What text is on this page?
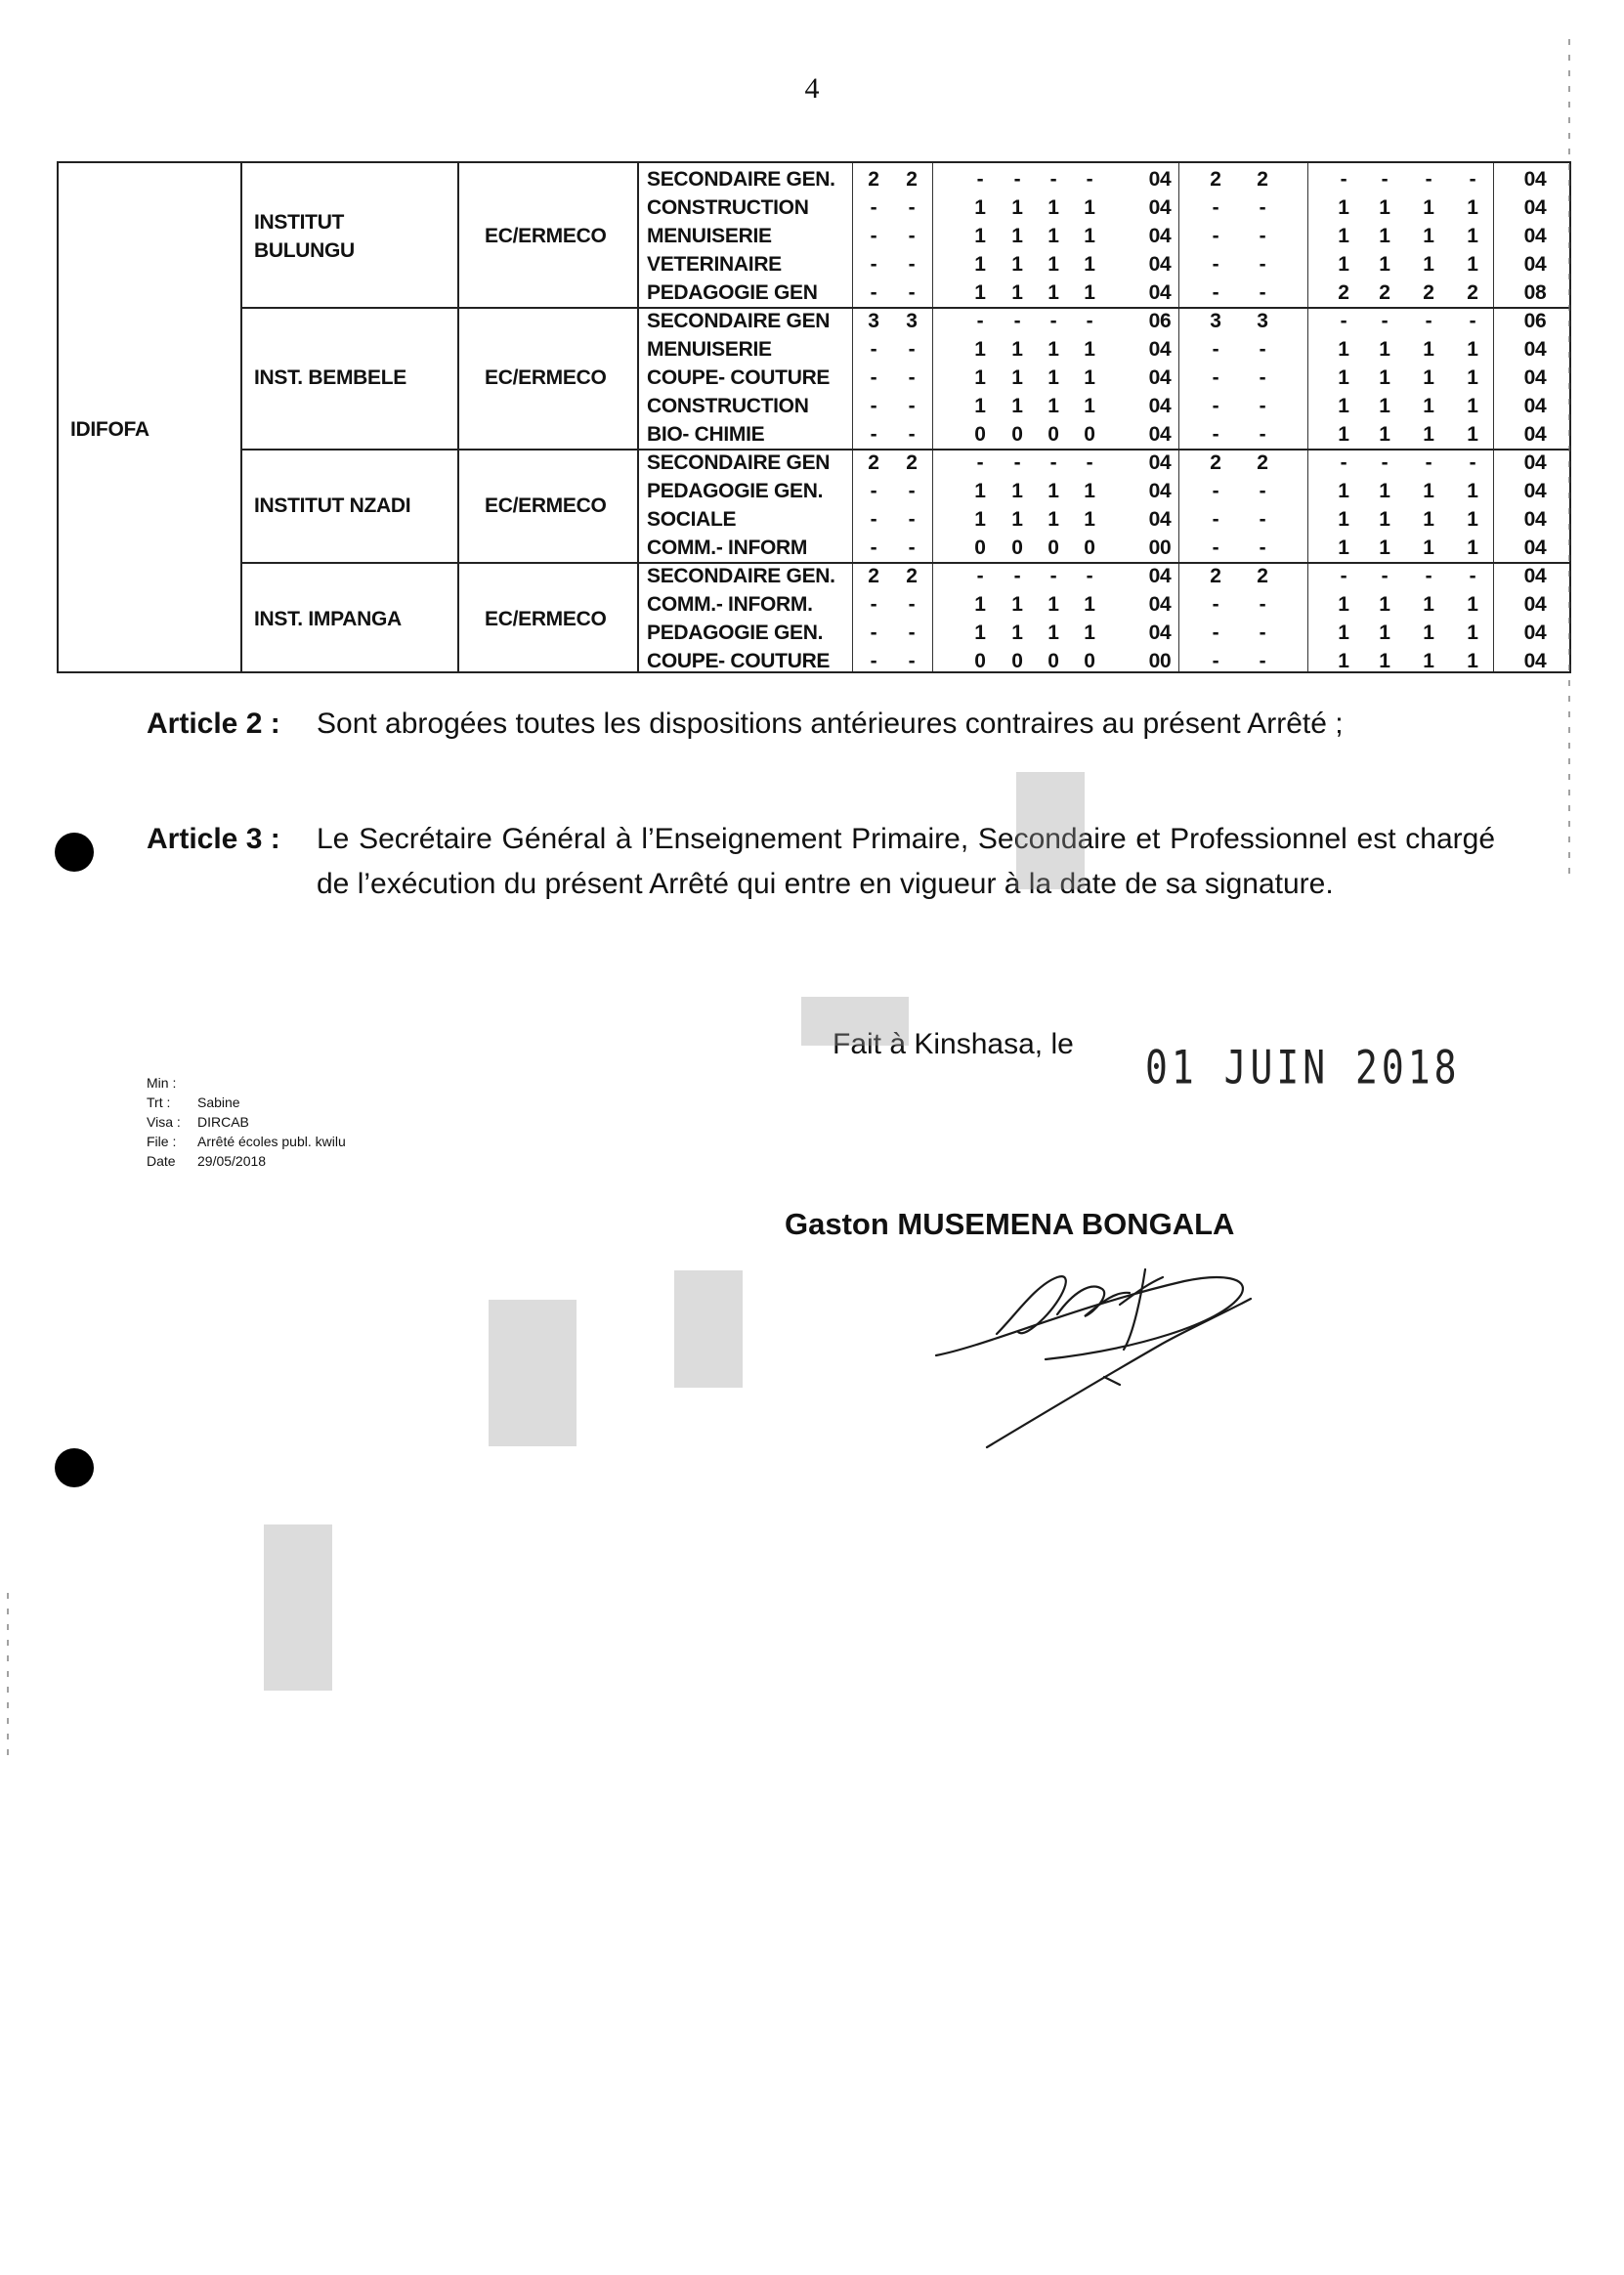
4
IDIFOFA
INSTITUT
BULUNGU
EC/ERMECO
SECONDAIRE GEN.	2	2	-	-	-	-	04	2	2	-	-	-	-	04
CONSTRUCTION	-	-	1	1	1	1	04	-	-	1	1	1	1	04
MENUISERIE	-	-	1	1	1	1	04	-	-	1	1	1	1	04
VETERINAIRE	-	-	1	1	1	1	04	-	-	1	1	1	1	04
PEDAGOGIE GEN	-	-	1	1	1	1	04	-	-	2	2	2	2	08
INST. BEMBELE	EC/ERMECO
SECONDAIRE GEN	3	3	-	-	-	-	06	3	3	-	-	-	-	06
MENUISERIE	-	-	1	1	1	1	04	-	-	1	1	1	1	04
COUPE- COUTURE	-	-	1	1	1	1	04	-	-	1	1	1	1	04
CONSTRUCTION	-	-	1	1	1	1	04	-	-	1	1	1	1	04
BIO- CHIMIE	-	-	0	0	0	0	04	-	-	1	1	1	1	04
INSTITUT NZADI	EC/ERMECO
SECONDAIRE GEN	2	2	-	-	-	-	04	2	2	-	-	-	-	04
PEDAGOGIE GEN.	-	-	1	1	1	1	04	-	-	1	1	1	1	04
SOCIALE	-	-	1	1	1	1	04	-	-	1	1	1	1	04
COMM.- INFORM	-	-	0	0	0	0	00	-	-	1	1	1	1	04
INST. IMPANGA	EC/ERMECO
SECONDAIRE GEN.	2	2	-	-	-	-	04	2	2	-	-	-	-	04
COMM.- INFORM.	-	-	1	1	1	1	04	-	-	1	1	1	1	04
PEDAGOGIE GEN.	-	-	1	1	1	1	04	-	-	1	1	1	1	04
COUPE- COUTURE	-	-	0	0	0	0	00	-	-	1	1	1	1	04
Article 2 : Sont abrogées toutes les dispositions antérieures contraires au présent Arrêté ;
Article 3 : Le Secrétaire Général à l’Enseignement Primaire, Secondaire et Professionnel est chargé de l’exécution du présent Arrêté qui entre en vigueur à la date de sa signature.
Min :
Trt :	Sabine
Visa :	DIRCAB
File :	Arrêté écoles publ. kwilu
Date	29/05/2018
Fait à Kinshasa, le 01 JUIN 2018
Gaston MUSEMENA BONGALA
